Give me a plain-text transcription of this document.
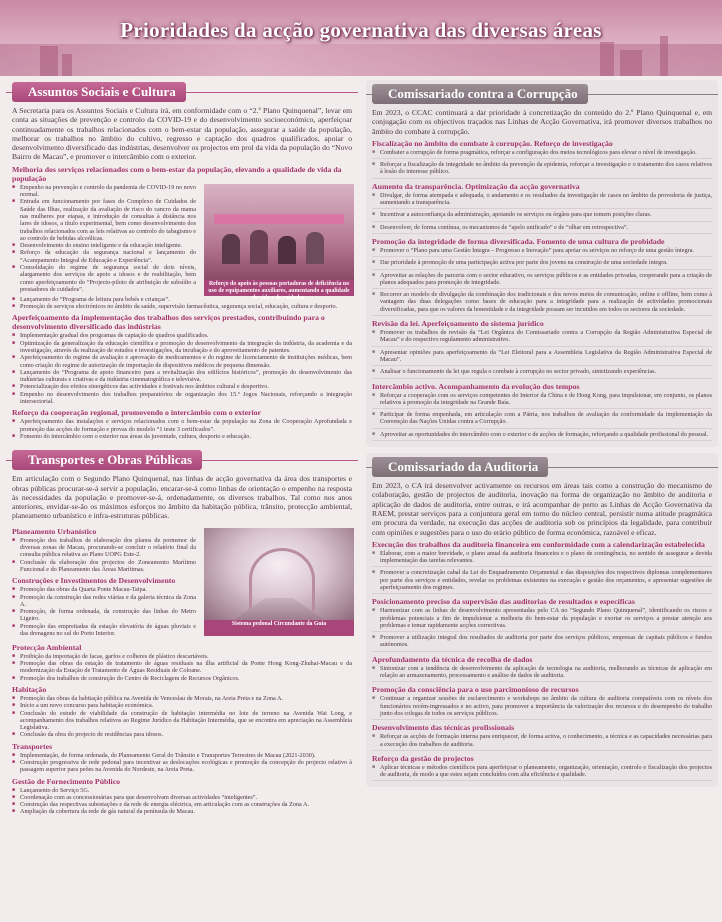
Prioridades da acção governativa das diversas áreas
Assuntos Sociais e Cultura

A Secretaria para os Assuntos Sociais e Cultura irá, em conformidade com o “2.º Plano Quinquenal”, levar em conta as situações de prevenção e controlo da COVID-19 e do desenvolvimento socioeconómico, aperfeiçoar continuadamente os trabalhos relacionados com o bem-estar da população, assegurar a saúde da população, melhorar os trabalhos no âmbito do cultivo, regresso e captação dos quadros qualificados, apoiar o desenvolvimento diversificado das indústrias, desenvolver os projectos em prol da vida da população do “Novo Bairro de Macau”, e promover o intercâmbio com o exterior.

Melhoria dos serviços relacionados com o bem-estar da população, elevando a qualidade de vida da população
■ Empenho na prevenção e controlo da pandemia de COVID-19 no novo normal.
■ Entrada em funcionamento por fases do Complexo de Cuidados de Saúde das Ilhas, realização da avaliação de risco do cancro da mama nas mulheres por etapas, e introdução de consultas à distância nos lares de idosos, a título experimental, bem como desenvolvimento dos trabalhos relacionados com as leis relativas ao controlo do tabagismo e ao controlo de bebidas alcoólicas.
■ Desenvolvimento do ensino inteligente e da educação inteligente.
■ Reforço da educação da segurança nacional e lançamento do “Acampamento Integral de Educação e Experiência”.
■ Consolidação do regime de segurança social de dois níveis, alargamento dos serviços de apoio a idosos e de reabilitação, bem como aperfeiçoamento do “Projecto-piloto de atribuição de subsídio a prestadores de cuidados”.
Reforço do apoio às pessoas portadoras de deficiência no uso de equipamentos auxiliares, aumentando a qualidade de vida e de cuidados.
■ Lançamento do “Programa de leitura para bebés e crianças”.
■ Promoção de serviços electrónicos no âmbito da saúde, supervisão farmacêutica, segurança social, educação, cultura e desporto.
Aperfeiçoamento da implementação dos trabalhos dos serviços prestados, contribuindo para o desenvolvimento diversificado das indústrias
■ Implementação gradual dos programas de captação de quadros qualificados.
■ Optimização da generalização da educação científica e promoção do desenvolvimento da integração da indústria, da academia e da investigação, através da realização de estudos e investigações, da incubação e do aproveitamento de patentes.
■ Aperfeiçoamento do regime de avaliação e aprovação de medicamentos e do regime de licenciamento de instituições médicas, bem como criação do regime de autorização de importação de dispositivos médicos de pequena dimensão.
■ Lançamento do “Programa de apoio financeiro para a revitalização dos edifícios históricos”, promoção do desenvolvimento das indústrias culturais e criativas e da indústria cinematográfica e televisiva.
■ Potencialização dos efeitos sinergéticos das actividades e festivais nos âmbitos cultural e desportivo.
■ Empenho no desenvolvimento dos trabalhos preparatórios de organização dos 15.º Jogos Nacionais, reforçando a integração intersectorial.
Reforço da cooperação regional, promovendo o intercâmbio com o exterior
■ Aperfeiçoamento das instalações e serviços relacionados com o bem-estar da população na Zona de Cooperação Aprofundada e promoção das acções de formação e provas do modelo “1 teste 3 certificados”.
■ Fomento do intercâmbio com o exterior nas áreas da juventude, cultura, desporto e educação.
Transportes e Obras Públicas

Em articulação com o Segundo Plano Quinquenal, nas linhas de acção governativa da área dos transportes e obras públicas procurar-se-á servir a população, encarar-se-á como linhas de orientação o empenho na resposta às necessidades da população e promover-se-á, ordenadamente, os diversos trabalhos. Tal como nos anos anteriores, envidar-se-ão os máximos esforços no âmbito da habitação pública, trânsito, protecção ambiental, planeamento urbanístico e infra-estruturas públicas.

Planeamento Urbanístico
■ Promoção dos trabalhos de elaboração dos planos de pormenor de diversas zonas de Macau, procurando-se concluir o relatório final da consulta pública relativa ao Plano UOPG Este-2.
■ Conclusão da elaboração dos projectos do Zoneamento Marítimo Funcional e do Planeamento das Áreas Marítimas.
Construções e Investimentos de Desenvolvimento
■ Promoção das obras da Quarta Ponte Macau-Taipa.
■ Promoção da construção das redes viárias e da galeria técnica da Zona A.
■ Promoção, de forma ordenada, da construção das linhas do Metro Ligeiro.
■ Promoção das empreitadas da estação elevatória de águas pluviais e das drenagens no sul do Porto Interior.
Sistema pedonal Circundante da Guia
Protecção Ambiental
■ Proibição da importação de facas, garfos e colheres de plástico descartáveis.
■ Promoção das obras da estação de tratamento de águas residuais na ilha artificial da Ponte Hong Kong-Zhuhai-Macau e da modernização da Estação de Tratamento de Águas Residuais de Coloane.
■ Promoção dos trabalhos de construção do Centro de Reciclagem de Recursos Orgânicos.
Habitação
■ Promoção das obras da habitação pública na Avenida de Venceslau de Morais, na Areia Preta e na Zona A.
■ Início a um novo concurso para habitação económica.
■ Conclusão do estudo de viabilidade da construção de habitação intermédia no lote de terreno na Avenida Wai Long, e acompanhamento dos trabalhos relativos ao Regime Jurídico da Habitação Intermédia, que se encontra em apreciação na Assembleia Legislativa.
■ Conclusão da obra do projecto de residências para idosos.
Transportes
■ Implementação, de forma ordenada, do Planeamento Geral do Trânsito e Transportes Terrestres de Macau (2021-2030).
■ Construção progressiva de rede pedonal para incentivar as deslocações ecológicas e promoção da concepção do projecto relativo à passagem superior para peões na Avenida do Nordeste, na Areia Preta.
Gestão de Fornecimento Público
■ Lançamento do Serviço 5G.
■ Coordenação com as concessionárias para que desenvolvam diversas actividades “inteligentes”.
■ Construção das respectivas subestações e da rede de energia eléctrica, em articulação com as construções da Zona A.
■ Ampliação da cobertura da rede de gás natural da península de Macau.
Comissariado contra a Corrupção

Em 2023, o CCAC continuará a dar prioridade à concretização do conteúdo do 2.º Plano Quinquenal e, em conjugação com os objectivos traçados nas Linhas de Acção Governativa, irá promover diversos trabalhos no âmbito do combate à corrupção.

Fiscalização no âmbito do combate à corrupção. Reforço de investigação
■ Combater a corrupção de forma pragmática, reforçar a configuração dos meios tecnológicos para elevar o nível de investigação.
■ Reforçar a fiscalização de integridade no âmbito da prevenção da epidemia, reforçar a investigação e o tratamento dos casos relativos à lesão do interesse público.
Aumento da transparência. Optimização da acção governativa
■ Divulgar, de forma atempada e adequada, o andamento e os resultados da investigação de casos no âmbito da provedoria de justiça, aumentando a transparência.
■ Incentivar a autoconfiança da administração, apoiando os serviços ou órgãos para que tomem posições claras.
■ Desenvolver, de forma contínua, os mecanismos de “apelo unificado” e de “olhar em retrospectiva”.
Promoção da integridade de forma diversificada. Fomento de uma cultura de probidade
■ Promover o “Plano para uma Gestão Íntegra – Progresso e Inovação” para apoiar os serviços no reforço de uma gestão íntegra.
■ Dar prioridade à promoção de uma participação activa por parte dos jovens na construção de uma sociedade íntegra.
■ Aproveitar as relações de parceria com o sector educativo, os serviços públicos e as entidades privadas, cooperando para a criação de planos adequados para promoção de integridade.
■ Recorrer ao modelo de divulgação da combinação dos tradicionais e dos novos meios de comunicação, online e offline, bem como à vantagem das duas delegações como bases de educação para a integridade para a realização de actividades promocionais diversificadas, para que os valores da honestidade e da integridade possam ser incutidos em todos os sectores da sociedade.
Revisão da lei. Aperfeiçoamento do sistema jurídico
■ Promover os trabalhos de revisão da “Lei Orgânica do Comissariado contra a Corrupção da Região Administrativa Especial de Macau” e do respectivo regulamento administrativo.
■ Apresentar opiniões para aperfeiçoamento da “Lei Eleitoral para a Assembleia Legislativa da Região Administrativa Especial de Macau”.
■ Analisar o funcionamento da lei que regula o combate à corrupção no sector privado, sintetizando experiências.
Intercâmbio activo. Acompanhamento da evolução dos tempos
■ Reforçar a cooperação com os serviços competentes do Interior da China e de Hong Kong, para impulsionar, em conjunto, os planos relativos à promoção da integridade na Grande Baía.
■ Participar de forma empenhada, em articulação com a Pátria, nos trabalhos de avaliação da conformidade da implementação da Convenção das Nações Unidas contra a Corrupção.
■ Aproveitar as oportunidades do intercâmbio com o exterior e de acções de formação, reforçando a qualidade profissional do pessoal.
Comissariado da Auditoria

Em 2023, o CA irá desenvolver activamente os recursos em áreas tais como a construção do mecanismo de colaboração, gestão de projectos de auditoria, inovação na forma de organização no âmbito de auditoria e aplicação de dados de auditoria, entre outras, e irá acompanhar de perto as Linhas de Acção Governativa da RAEM, prestar serviços para a conjuntura geral em torno do núcleo central, persistir numa atitude pragmática em procura da verdade, na execução das acções de auditoria sob os princípios da legalidade, para contribuir com opiniões e sugestões para o uso do erário público de forma económica, razoável e eficaz.

Execução dos trabalhos da auditoria financeira em conformidade com a calendarização estabelecida
■ Elaborar, com a maior brevidade, o plano anual da auditoria financeira e o plano de contingência, no sentido de assegurar a devida implementação das tarefas relevantes.
■ Promover a concretização cabal da Lei do Enquadramento Orçamental e das disposições dos respectivos diplomas complementares por parte dos serviços e entidades, revelar os problemas existentes na execução e gestão dos orçamentos, e apresentar sugestões de aperfeiçoamento dos regimes.
Posicionamento preciso da supervisão das auditorias de resultados e específicas
■ Harmonizar com as linhas de desenvolvimento apresentadas pelo CA no “Segundo Plano Quinquenal”, identificando os riscos e problemas potenciais a fim de impulsionar a melhoria do bem-estar da população e exortar os serviços a prestar atenção aos problemas e tomar rapidamente acções correctivas.
■ Promover a utilização integral dos resultados de auditoria por parte dos serviços públicos, empresas de capitais públicos e fundos autónomos.
Aprofundamento da técnica de recolha de dados
■ Sintonizar com a tendência de desenvolvimento da aplicação de tecnologia na auditoria, melhorando as técnicas de aplicação em relação ao armazenamento, processamento e análise de dados de auditoria.
Promoção da consciência para o uso parcimonioso de recursos
■ Continuar a organizar sessões de esclarecimento e workshops no âmbito da cultura de auditoria compatíveis com os níveis dos funcionários recém-ingressados e no activo, para promover a importância da valorização dos recursos e do desempenho do trabalho junto dos colegas de todos os serviços públicos.
Desenvolvimento das técnicas profissionais
■ Reforçar as acções de formação interna para enriquecer, de forma activa, o conhecimento, a técnica e as capacidades necessárias para a execução dos trabalhos de auditoria.
Reforço da gestão de projectos
■ Aplicar técnicas e métodos científicos para aperfeiçoar o planeamento, organização, orientação, controlo e fiscalização dos projectos de auditoria, de modo a que estes sejam concluídos com alta eficiência e qualidade.
